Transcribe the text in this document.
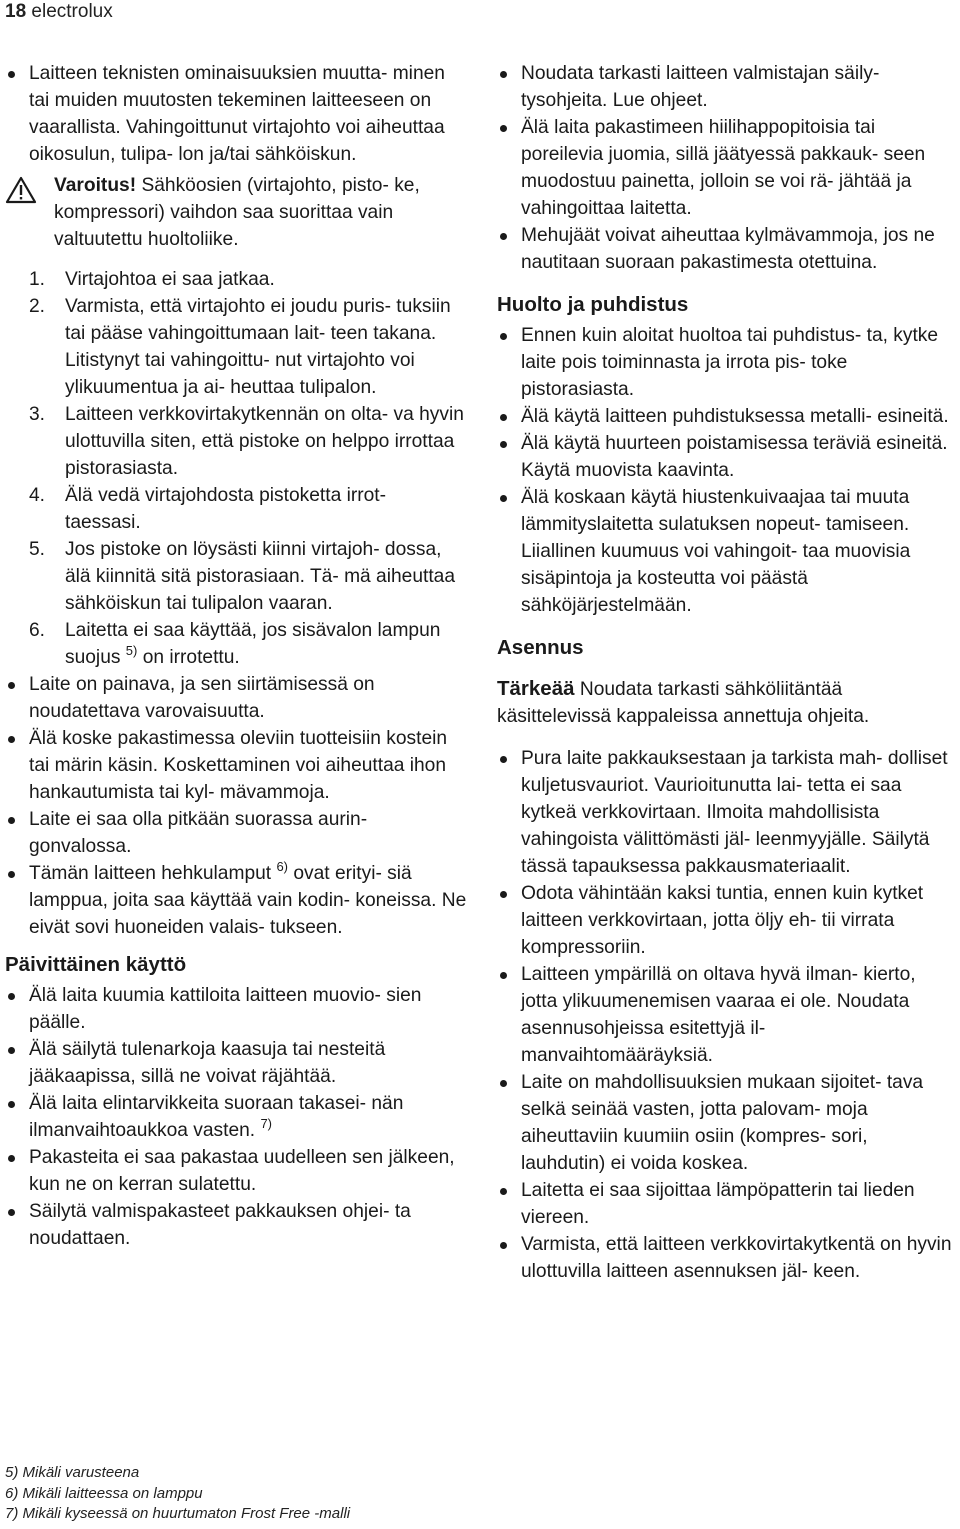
18 electrolux
Laitteen teknisten ominaisuuksien muutta- minen tai muiden muutosten tekeminen laitteeseen on vaarallista. Vahingoittunut virtajohto voi aiheuttaa oikosulun, tulipa- lon ja/tai sähköiskun.
Varoitus! Sähköosien (virtajohto, pisto- ke, kompressori) vaihdon saa suorittaa vain valtuutettu huoltoliike.
1. Virtajohtoa ei saa jatkaa.
2. Varmista, että virtajohto ei joudu puris- tuksiin tai pääse vahingoittumaan lait- teen takana. Litistynyt tai vahingoittu- nut virtajohto voi ylikuumentua ja ai- heuttaa tulipalon.
3. Laitteen verkkovirtakytkennän on olta- va hyvin ulottuvilla siten, että pistoke on helppo irrottaa pistorasiasta.
4. Älä vedä virtajohdosta pistoketta irrot- taessasi.
5. Jos pistoke on löysästi kiinni virtajoh- dossa, älä kiinnitä sitä pistorasiaan. Tä- mä aiheuttaa sähköiskun tai tulipalon vaaran.
6. Laitetta ei saa käyttää, jos sisävalon lampun suojus $^{5)}$ on irrotettu.
Laite on painava, ja sen siirtämisessä on noudatettava varovaisuutta.
Älä koske pakastimessa oleviin tuotteisiin kostein tai märin käsin. Koskettaminen voi aiheuttaa ihon hankautumista tai kyl- mävammoja.
Laite ei saa olla pitkään suorassa aurin- gonvalossa.
Tämän laitteen hehkulamput $^{6)}$ ovat erityi- siä lamppua, joita saa käyttää vain kodin- koneissa. Ne eivät sovi huoneiden valais- tukseen.
Päivittäinen käyttö
Älä laita kuumia kattiloita laitteen muovio- sien päälle.
Älä säilytä tulenarkoja kaasuja tai nesteitä jääkaapissa, sillä ne voivat räjähtää.
Älä laita elintarvikkeita suoraan takasei- nän ilmanvaihtoaukkoa vasten. $^{7)}$
Pakasteita ei saa pakastaa uudelleen sen jälkeen, kun ne on kerran sulatettu.
Säilytä valmispakasteet pakkauksen ohjei- ta noudattaen.
Noudata tarkasti laitteen valmistajan säily- tysohjeita. Lue ohjeet.
Älä laita pakastimeen hiilihappopitoisia tai poreilevia juomia, sillä jäätyessä pakkauk- seen muodostuu painetta, jolloin se voi rä- jähtää ja vahingoittaa laitetta.
Mehujäät voivat aiheuttaa kylmävammoja, jos ne nautitaan suoraan pakastimesta otettuina.
Huolto ja puhdistus
Ennen kuin aloitat huoltoa tai puhdistus- ta, kytke laite pois toiminnasta ja irrota pis- toke pistorasiasta.
Älä käytä laitteen puhdistuksessa metalli- esineitä.
Älä käytä huurteen poistamisessa teräviä esineitä. Käytä muovista kaavinta.
Älä koskaan käytä hiustenkuivaajaa tai muuta lämmityslaitetta sulatuksen nopeut- tamiseen. Liiallinen kuumuus voi vahingoit- taa muovisia sisäpintoja ja kosteutta voi päästä sähköjärjestelmään.
Asennus
Tärkeää Noudata tarkasti sähköliitäntää käsittelevissä kappaleissa annettuja ohjeita.
Pura laite pakkauksestaan ja tarkista mah- dolliset kuljetusvauriot. Vaurioitunutta lai- tetta ei saa kytkeä verkkovirtaan. Ilmoita mahdollisista vahingoista välittömästi jäl- leenmyyjälle. Säilytä tässä tapauksessa pakkausmateriaalit.
Odota vähintään kaksi tuntia, ennen kuin kytket laitteen verkkovirtaan, jotta öljy eh- tii virrata kompressoriin.
Laitteen ympärillä on oltava hyvä ilman- kierto, jotta ylikuumenemisen vaaraa ei ole. Noudata asennusohjeissa esitettyjä il- manvaihtomääräyksiä.
Laite on mahdollisuuksien mukaan sijoitet- tava selkä seinää vasten, jotta palovam- moja aiheuttaviin kuumiin osiin (kompres- sori, lauhdutin) ei voida koskea.
Laitetta ei saa sijoittaa lämpöpatterin tai lieden viereen.
Varmista, että laitteen verkkovirtakytkentä on hyvin ulottuvilla laitteen asennuksen jäl- keen.
5) Mikäli varusteena
6) Mikäli laitteessa on lamppu
7) Mikäli kyseessä on huurtumaton Frost Free -malli
